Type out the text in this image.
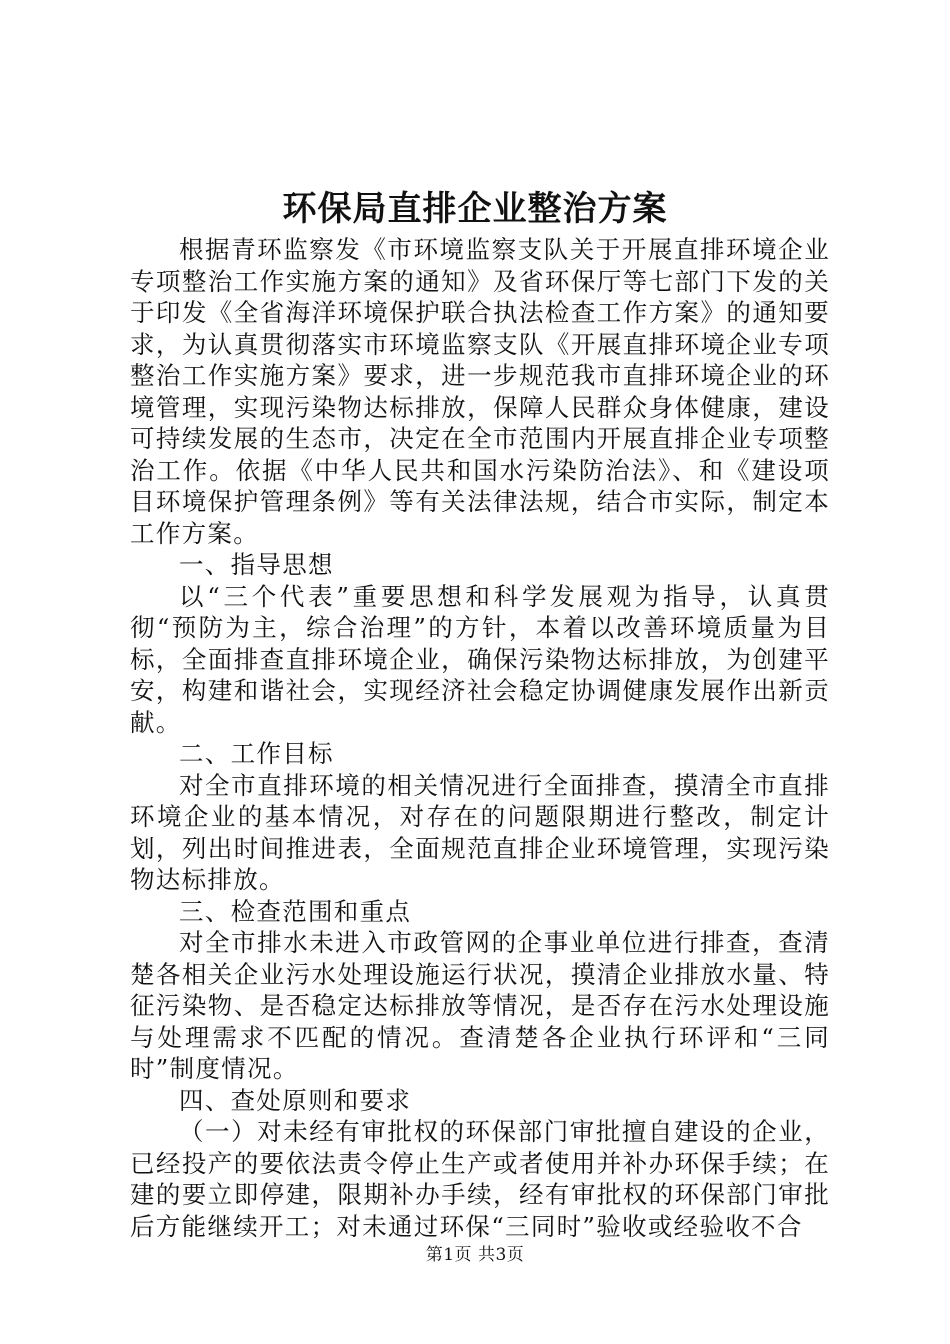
环保局直排企业整治方案

根据青环监察发《市环境监察支队关于开展直排环境企业专项整治工作实施方案的通知》及省环保厅等七部门下发的关于印发《全省海洋环境保护联合执法检查工作方案》的通知要求，为认真贯彻落实市环境监察支队《开展直排环境企业专项整治工作实施方案》要求，进一步规范我市直排环境企业的环境管理，实现污染物达标排放，保障人民群众身体健康，建设可持续发展的生态市，决定在全市范围内开展直排企业专项整治工作。依据《中华人民共和国水污染防治法》、和《建设项目环境保护管理条例》等有关法律法规，结合市实际，制定本工作方案。

一、指导思想

以“三个代表”重要思想和科学发展观为指导，认真贯彻“预防为主，综合治理”的方针，本着以改善环境质量为目标，全面排查直排环境企业，确保污染物达标排放，为创建平安，构建和谐社会，实现经济社会稳定协调健康发展作出新贡献。

二、工作目标

对全市直排环境的相关情况进行全面排查，摸清全市直排环境企业的基本情况，对存在的问题限期进行整改，制定计划，列出时间推进表，全面规范直排企业环境管理，实现污染物达标排放。

三、检查范围和重点

对全市排水未进入市政管网的企事业单位进行排查，查清楚各相关企业污水处理设施运行状况，摸清企业排放水量、特征污染物、是否稳定达标排放等情况，是否存在污水处理设施与处理需求不匹配的情况。查清楚各企业执行环评和“三同时”制度情况。

四、查处原则和要求

（一）对未经有审批权的环保部门审批擅自建设的企业，已经投产的要依法责令停止生产或者使用并补办环保手续；在建的要立即停建，限期补办手续，经有审批权的环保部门审批后方能继续开工；对未通过环保“三同时”验收或经验收不合

第1页 共3页
